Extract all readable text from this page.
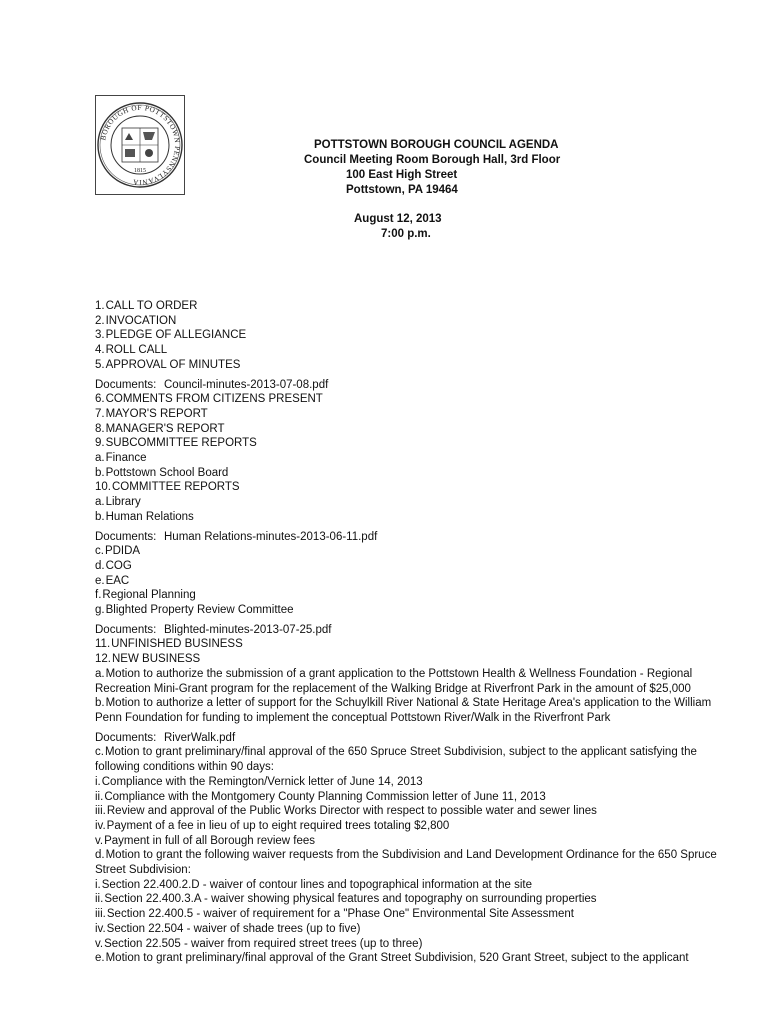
BOROUGH OF POTTSTOWN PENNSYLVANIA
1815
POTTSTOWN BOROUGH COUNCIL AGENDA
Council Meeting Room Borough Hall, 3rd Floor
100 East High Street
Pottstown, PA 19464
August 12, 2013
7:00 p.m.
1.CALL TO ORDER
2.INVOCATION
3.PLEDGE OF ALLEGIANCE
4.ROLL CALL
5.APPROVAL OF MINUTES
Documents: Council-minutes-2013-07-08.pdf
6.COMMENTS FROM CITIZENS PRESENT
7.MAYOR'S REPORT
8.MANAGER'S REPORT
9.SUBCOMMITTEE REPORTS
a.Finance
b.Pottstown School Board
10.COMMITTEE REPORTS
a.Library
b.Human Relations
Documents: Human Relations-minutes-2013-06-11.pdf
c.PDIDA
d.COG
e.EAC
f.Regional Planning
g.Blighted Property Review Committee
Documents: Blighted-minutes-2013-07-25.pdf
11.UNFINISHED BUSINESS
12.NEW BUSINESS
a.Motion to authorize the submission of a grant application to the Pottstown Health & Wellness Foundation - Regional Recreation Mini-Grant program for the replacement of the Walking Bridge at Riverfront Park in the amount of $25,000
b.Motion to authorize a letter of support for the Schuylkill River National & State Heritage Area's application to the William Penn Foundation for funding to implement the conceptual Pottstown River/Walk in the Riverfront Park
Documents: RiverWalk.pdf
c.Motion to grant preliminary/final approval of the 650 Spruce Street Subdivision, subject to the applicant satisfying the following conditions within 90 days:
i.Compliance with the Remington/Vernick letter of June 14, 2013
ii.Compliance with the Montgomery County Planning Commission letter of June 11, 2013
iii.Review and approval of the Public Works Director with respect to possible water and sewer lines
iv.Payment of a fee in lieu of up to eight required trees totaling $2,800
v.Payment in full of all Borough review fees
d.Motion to grant the following waiver requests from the Subdivision and Land Development Ordinance for the 650 Spruce Street Subdivision:
i.Section 22.400.2.D - waiver of contour lines and topographical information at the site
ii.Section 22.400.3.A - waiver showing physical features and topography on surrounding properties
iii.Section 22.400.5 - waiver of requirement for a "Phase One" Environmental Site Assessment
iv.Section 22.504 - waiver of shade trees (up to five)
v.Section 22.505 - waiver from required street trees (up to three)
e.Motion to grant preliminary/final approval of the Grant Street Subdivision, 520 Grant Street, subject to the applicant
